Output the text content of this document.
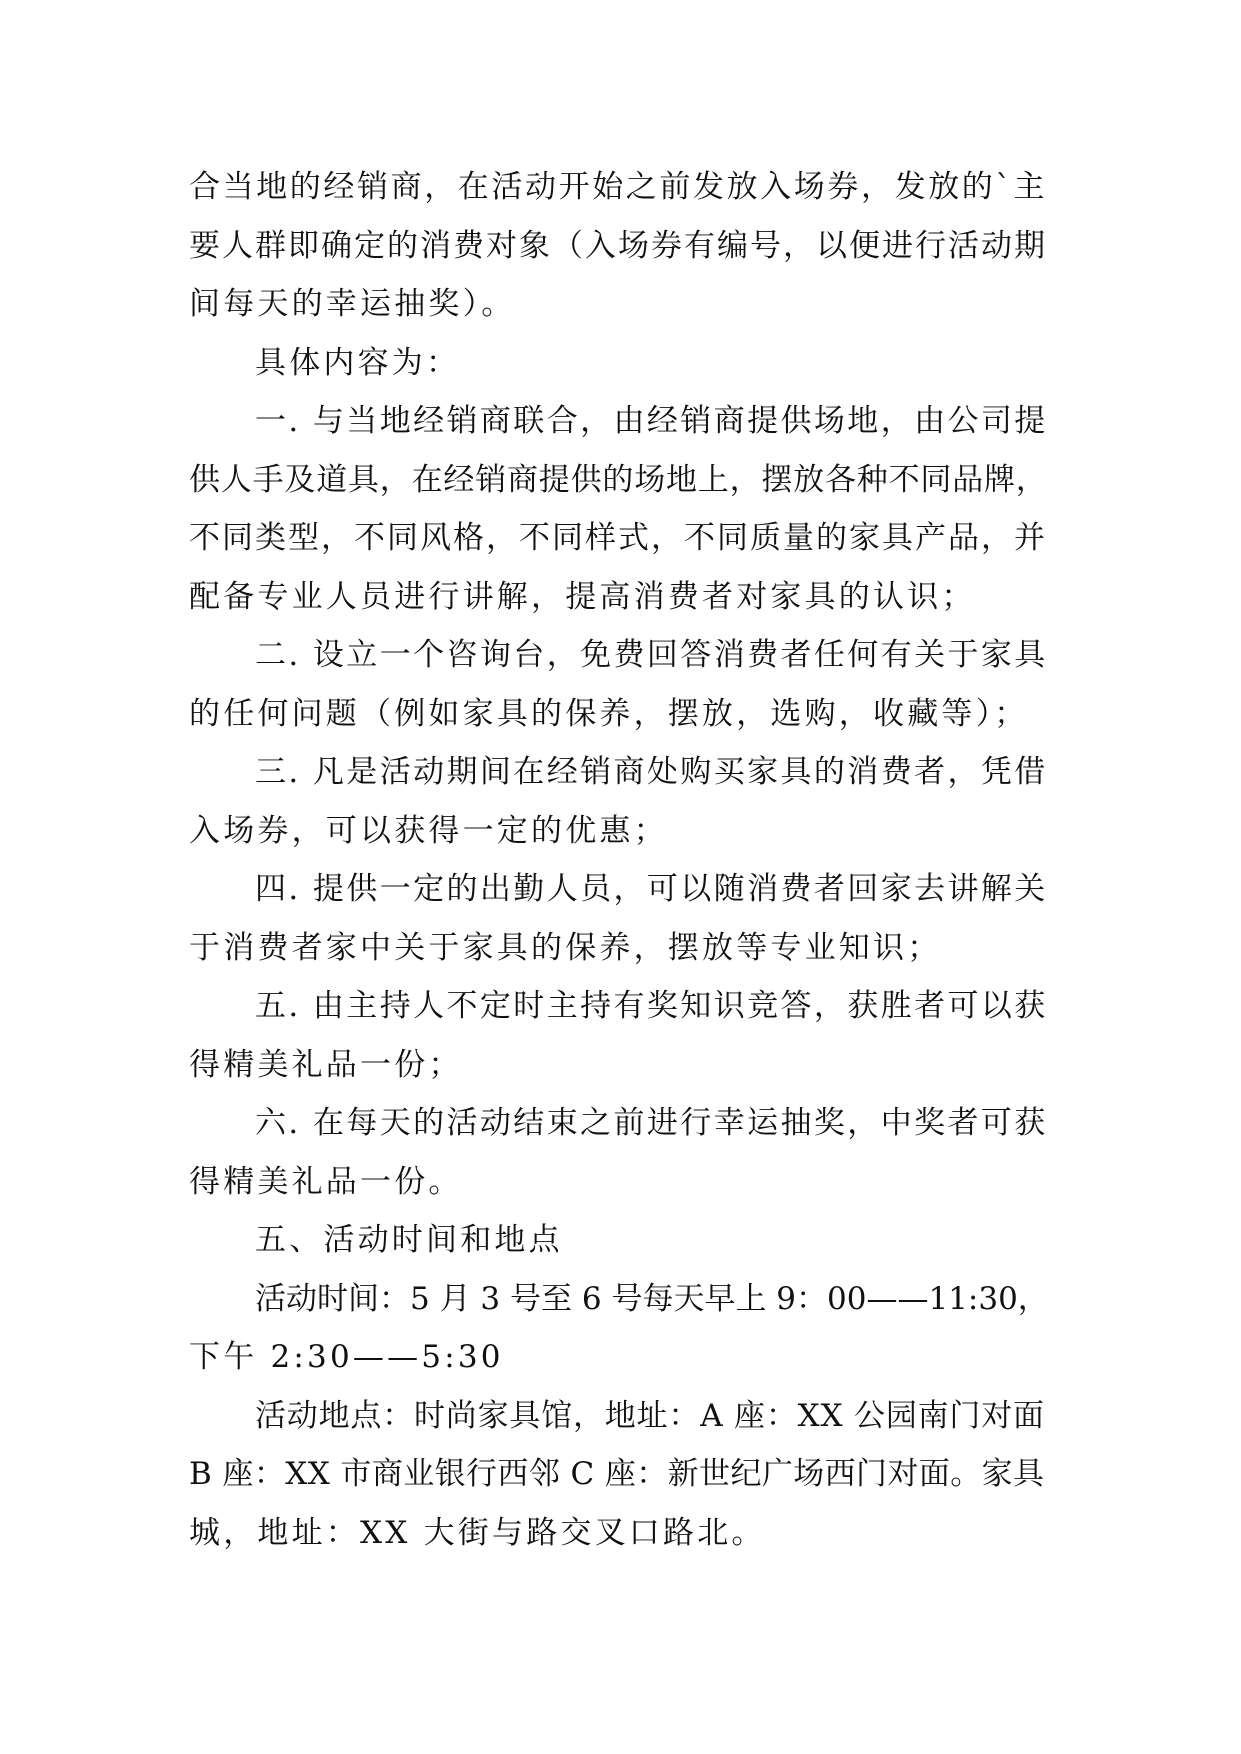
合当地的经销商，在活动开始之前发放入场券，发放的`主
要人群即确定的消费对象（入场券有编号，以便进行活动期
间每天的幸运抽奖）。
具体内容为：
一. 与当地经销商联合，由经销商提供场地，由公司提
供人手及道具，在经销商提供的场地上，摆放各种不同品牌，
不同类型，不同风格，不同样式，不同质量的家具产品，并
配备专业人员进行讲解，提高消费者对家具的认识；
二. 设立一个咨询台，免费回答消费者任何有关于家具
的任何问题（例如家具的保养，摆放，选购，收藏等）；
三. 凡是活动期间在经销商处购买家具的消费者，凭借
入场券，可以获得一定的优惠；
四. 提供一定的出勤人员，可以随消费者回家去讲解关
于消费者家中关于家具的保养，摆放等专业知识；
五. 由主持人不定时主持有奖知识竞答，获胜者可以获
得精美礼品一份；
六. 在每天的活动结束之前进行幸运抽奖，中奖者可获
得精美礼品一份。
五、活动时间和地点
活动时间：5 月 3 号至 6 号每天早上 9：00——11:30，
下午 2:30——5:30
活动地点：时尚家具馆，地址：A 座：XX 公园南门对面
B 座：XX 市商业银行西邻 C 座：新世纪广场西门对面。家具
城，地址：XX 大街与路交叉口路北。
